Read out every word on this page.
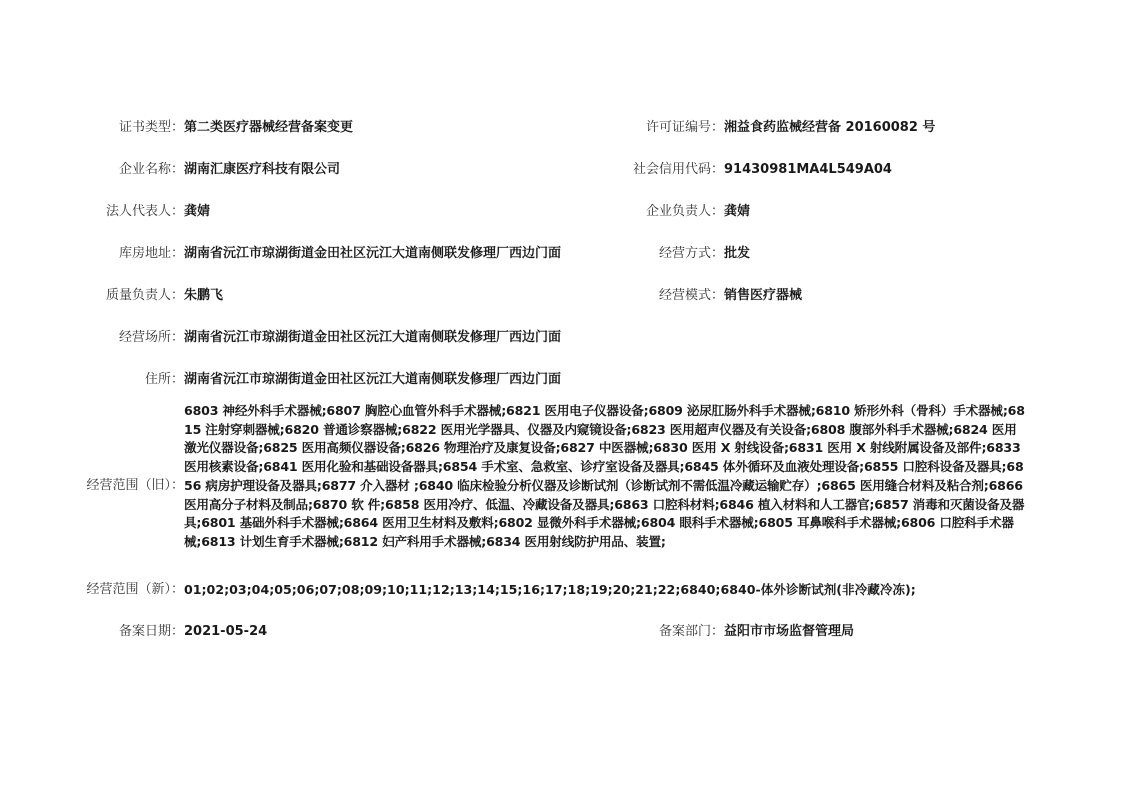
证书类型： 第二类医疗器械经营备案变更
企业名称： 湖南汇康医疗科技有限公司
法人代表人： 龚婧
库房地址： 湖南省沅江市琼湖街道金田社区沅江大道南侧联发修理厂西边门面
质量负责人： 朱鹏飞
经营场所： 湖南省沅江市琼湖街道金田社区沅江大道南侧联发修理厂西边门面
住所： 湖南省沅江市琼湖街道金田社区沅江大道南侧联发修理厂西边门面
经营范围（旧）：
6803 神经外科手术器械;6807 胸腔心血管外科手术器械;6821 医用电子仪器设备;6809 泌尿肛肠外科手术器械;6810 矫形外科（骨科）手术器械;6815 注射穿刺器械;6820 普通诊察器械;6822 医用光学器具、仪器及内窥镜设备;6823 医用超声仪器及有关设备;6808 腹部外科手术器械;6824 医用激光仪器设备;6825 医用高频仪器设备;6826 物理治疗及康复设备;6827 中医器械;6830 医用 X 射线设备;6831 医用 X 射线附属设备及部件;6833 医用核素设备;6841 医用化验和基础设备器具;6854 手术室、急救室、诊疗室设备及器具;6845 体外循环及血液处理设备;6855 口腔科设备及器具;6856 病房护理设备及器具;6877 介入器材 ;6840 临床检验分析仪器及诊断试剂（诊断试剂不需低温冷藏运输贮存）;6865 医用缝合材料及粘合剂;6866 医用高分子材料及制品;6870 软 件;6858 医用冷疗、低温、冷藏设备及器具;6863 口腔科材料;6846 植入材料和人工器官;6857 消毒和灭菌设备及器具;6801 基础外科手术器械;6864 医用卫生材料及敷料;6802 显微外科手术器械;6804 眼科手术器械;6805 耳鼻喉科手术器械;6806 口腔科手术器械;6813 计划生育手术器械;6812 妇产科用手术器械;6834 医用射线防护用品、装置;
经营范围（新）： 01;02;03;04;05;06;07;08;09;10;11;12;13;14;15;16;17;18;19;20;21;22;6840;6840-体外诊断试剂(非冷藏冷冻);
备案日期： 2021-05-24
许可证编号： 湘益食药监械经营备 20160082 号
社会信用代码： 91430981MA4L549A04
企业负责人： 龚婧
经营方式： 批发
经营模式： 销售医疗器械
备案部门： 益阳市市场监督管理局
